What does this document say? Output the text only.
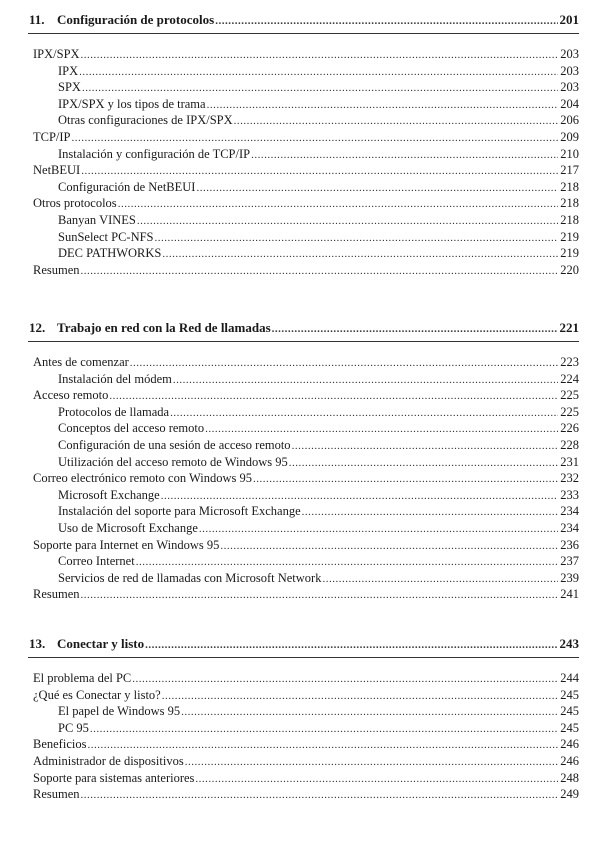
11. Configuración de protocolos .....	201
IPX/SPX .....	203
IPX .....	203
SPX .....	203
IPX/SPX y los tipos de trama .....	204
Otras configuraciones de IPX/SPX .....	206
TCP/IP .....	209
Instalación y configuración de TCP/IP .....	210
NetBEUI .....	217
Configuración de NetBEUI .....	218
Otros protocolos .....	218
Banyan VINES .....	218
SunSelect PC-NFS .....	219
DEC PATHWORKS .....	219
Resumen .....	220
12. Trabajo en red con la Red de llamadas .....	221
Antes de comenzar .....	223
Instalación del módem .....	224
Acceso remoto .....	225
Protocolos de llamada .....	225
Conceptos del acceso remoto .....	226
Configuración de una sesión de acceso remoto .....	228
Utilización del acceso remoto de Windows 95 .....	231
Correo electrónico remoto con Windows 95 .....	232
Microsoft Exchange .....	233
Instalación del soporte para Microsoft Exchange .....	234
Uso de Microsoft Exchange .....	234
Soporte para Internet en Windows 95 .....	236
Correo Internet .....	237
Servicios de red de llamadas con Microsoft Network .....	239
Resumen .....	241
13. Conectar y listo .....	243
El problema del PC .....	244
¿Qué es Conectar y listo? .....	245
El papel de Windows 95 .....	245
PC 95 .....	245
Beneficios .....	246
Administrador de dispositivos .....	246
Soporte para sistemas anteriores .....	248
Resumen .....	249
